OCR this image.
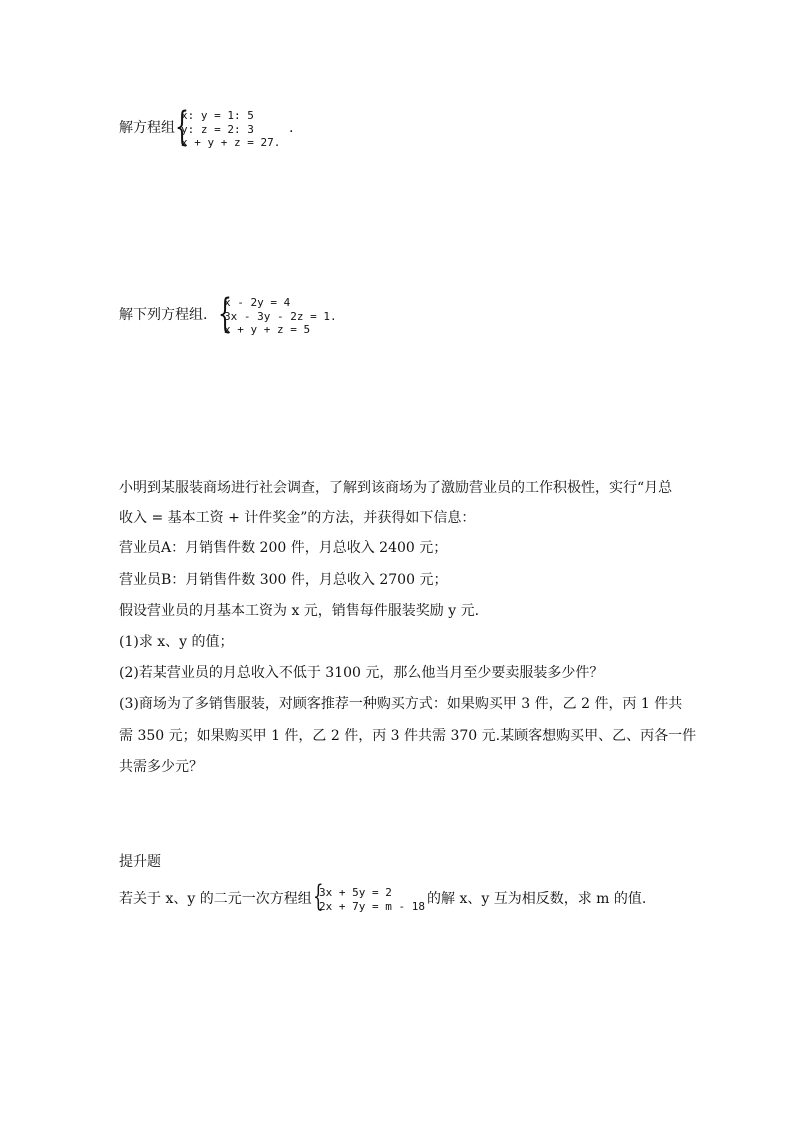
解方程组 {
x: y = 1: 5
y: z = 2: 3
x + y + z = 27.
.
解下列方程组. {
x - 2y = 4
3x - 3y - 2z = 1.
x + y + z = 5
小明到某服装商场进行社会调查，了解到该商场为了激励营业员的工作积极性，实行“月总
收入 = 基本工资 + 计件奖金”的方法，并获得如下信息：
营业员A：月销售件数 200 件，月总收入 2400 元；
营业员B：月销售件数 300 件，月总收入 2700 元；
假设营业员的月基本工资为 x 元，销售每件服装奖励 y 元.
(1)求 x、y 的值；
(2)若某营业员的月总收入不低于 3100 元，那么他当月至少要卖服装多少件？
(3)商场为了多销售服装，对顾客推荐一种购买方式：如果购买甲 3 件，乙 2 件，丙 1 件共
需 350 元；如果购买甲 1 件，乙 2 件，丙 3 件共需 370 元.某顾客想购买甲、乙、丙各一件
共需多少元？
提升题
若关于 x、y 的二元一次方程组 {
3x + 5y = 2
2x + 7y = m - 18 的解 x、y 互为相反数，求 m 的值.
